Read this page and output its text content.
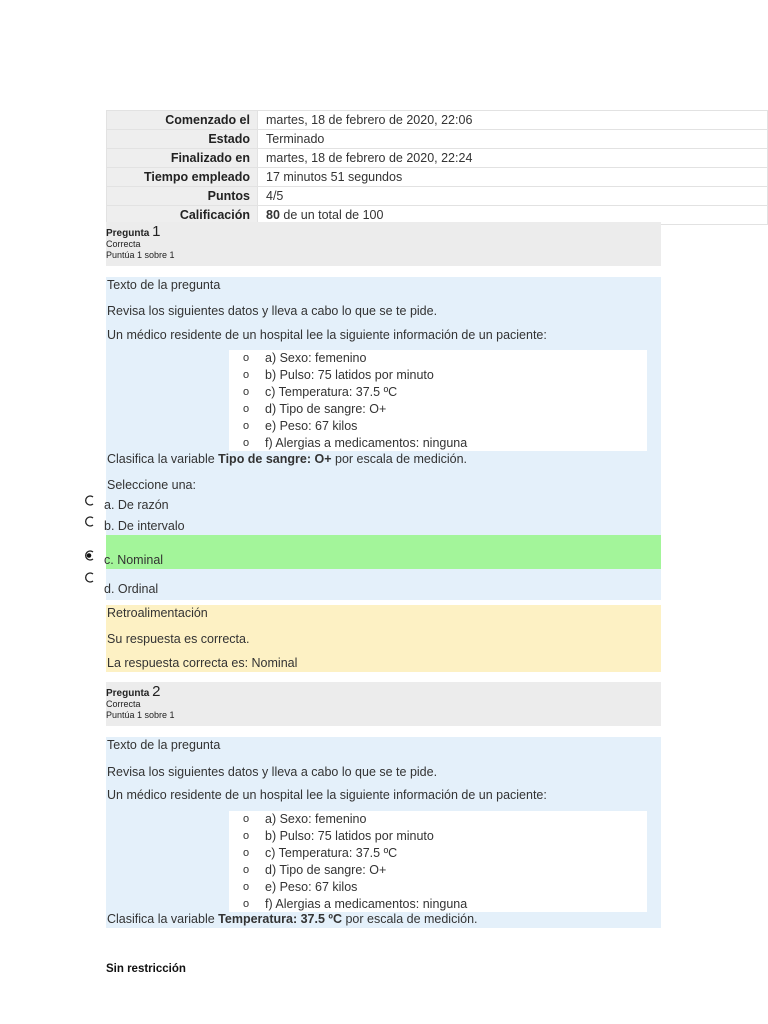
Comenzado el	martes, 18 de febrero de 2020, 22:06
Estado	Terminado
Finalizado en	martes, 18 de febrero de 2020, 22:24
Tiempo empleado	17 minutos 51 segundos
Puntos	4/5
Calificación	80 de un total de 100
Pregunta 1
Correcta
Puntúa 1 sobre 1
Texto de la pregunta
Revisa los siguientes datos y lleva a cabo lo que se te pide.
Un médico residente de un hospital lee la siguiente información de un paciente:
o a) Sexo: femenino
o b) Pulso: 75 latidos por minuto
o c) Temperatura: 37.5 ºC
o d) Tipo de sangre: O+
o e) Peso: 67 kilos
o f) Alergias a medicamentos: ninguna
Clasifica la variable Tipo de sangre: O+ por escala de medición.
Seleccione una:
a. De razón
b. De intervalo
c. Nominal
d. Ordinal
Retroalimentación
Su respuesta es correcta.
La respuesta correcta es: Nominal
Pregunta 2
Correcta
Puntúa 1 sobre 1
Texto de la pregunta
Revisa los siguientes datos y lleva a cabo lo que se te pide.
Un médico residente de un hospital lee la siguiente información de un paciente:
Clasifica la variable Temperatura: 37.5 ºC por escala de medición.
o a) Sexo: femenino
o b) Pulso: 75 latidos por minuto
o c) Temperatura: 37.5 ºC
o d) Tipo de sangre: O+
o e) Peso: 67 kilos
o f) Alergias a medicamentos: ninguna
Sin restricción
